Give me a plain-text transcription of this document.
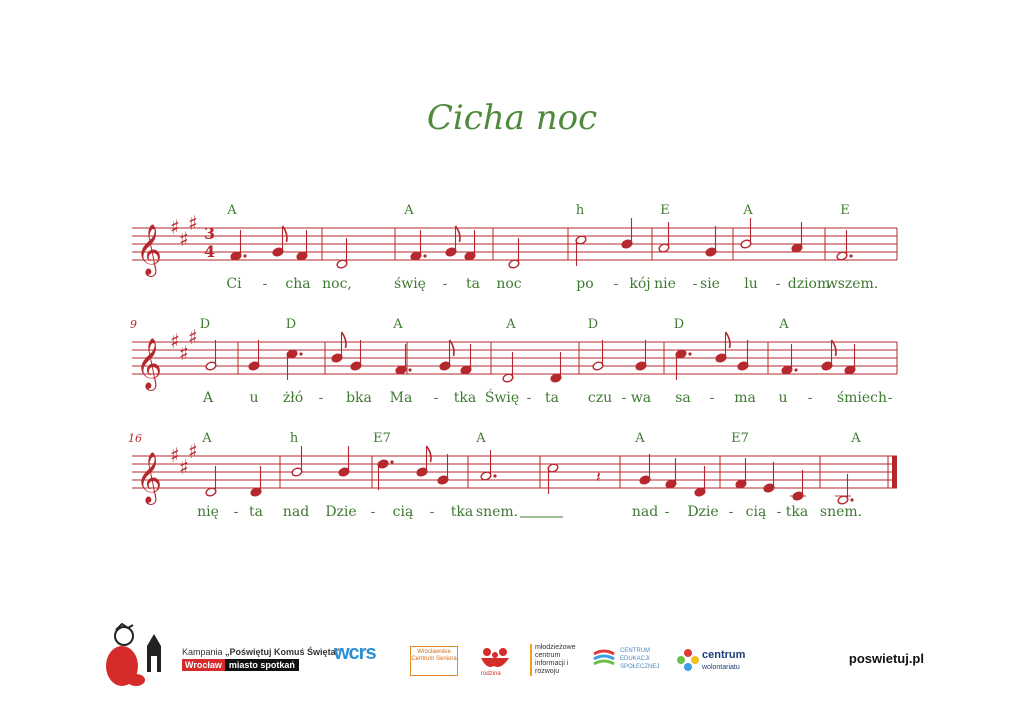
Cicha noc
𝄞 ♯ ♯
♯
𝄞 ♯ ♯
♯
𝄞 ♯ ♯
♯
𝄽
A	A	h	E	A	E
D	D	A	A	D	D	A
A	h	E7	A	A	E7	A
Ci - cha noc,	świę - ta noc	po - kój nie - sie lu - dziom
wszem.
A	u żłó - bka Ma - tka Świę - ta czu - wa sa - ma u - śmiech -
nię - ta nad Dzie - cią - tka snem.	nad - Dzie - cią - tka snem.
9
16
3
4
Kampania „Poświętuj Komuś Święta”
Wrocław miasto spotkań
wcrs	Wrocławskie Centrum Seniora
rodzina
młodzieżowe centrum informacji i rozwoju
CENTRUM EDUKACJI SPOŁECZNEJ
centrum
wolontariatu
poswietuj.pl
